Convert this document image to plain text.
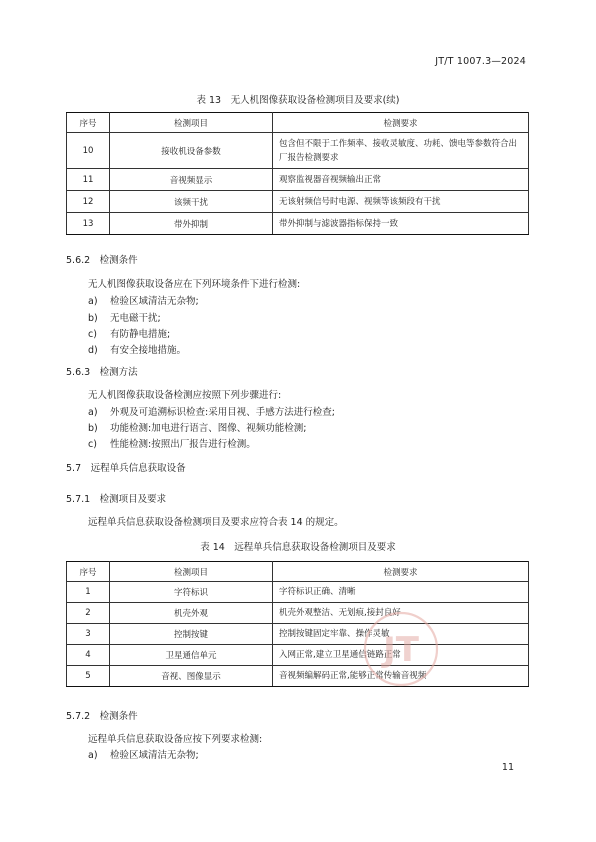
JT/T 1007.3—2024
表 13　无人机图像获取设备检测项目及要求(续)
序号	检测项目	检测要求
10	接收机设备参数	包含但不限于工作频率、接收灵敏度、功耗、馈电等参数符合出厂报告检测要求
11	音视频显示	观察监视器音视频输出正常
12	该频干扰	无该射频信号时电源、视频等该频段有干扰
13	带外抑制	带外抑制与滤波器指标保持一致
5.6.2　检测条件
无人机图像获取设备应在下列环境条件下进行检测:
a) 检验区域清洁无杂物;
b) 无电磁干扰;
c) 有防静电措施;
d) 有安全接地措施。
5.6.3　检测方法
无人机图像获取设备检测应按照下列步骤进行:
a) 外观及可追溯标识检查:采用目视、手感方法进行检查;
b) 功能检测:加电进行语言、图像、视频功能检测;
c) 性能检测:按照出厂报告进行检测。
5.7　远程单兵信息获取设备
5.7.1　检测项目及要求
远程单兵信息获取设备检测项目及要求应符合表 14 的规定。
表 14　远程单兵信息获取设备检测项目及要求
序号	检测项目	检测要求
1	字符标识	字符标识正确、清晰
2	机壳外观	机壳外观整洁、无划痕,接封良好
3	控制按键	控制按键固定牢靠、操作灵敏
4	卫星通信单元	入网正常,建立卫星通信链路正常
5	音视、图像显示	音视频编解码正常,能够正常传输音视频
JT
5.7.2　检测条件
远程单兵信息获取设备应按下列要求检测:
a) 检验区域清洁无杂物;
11
